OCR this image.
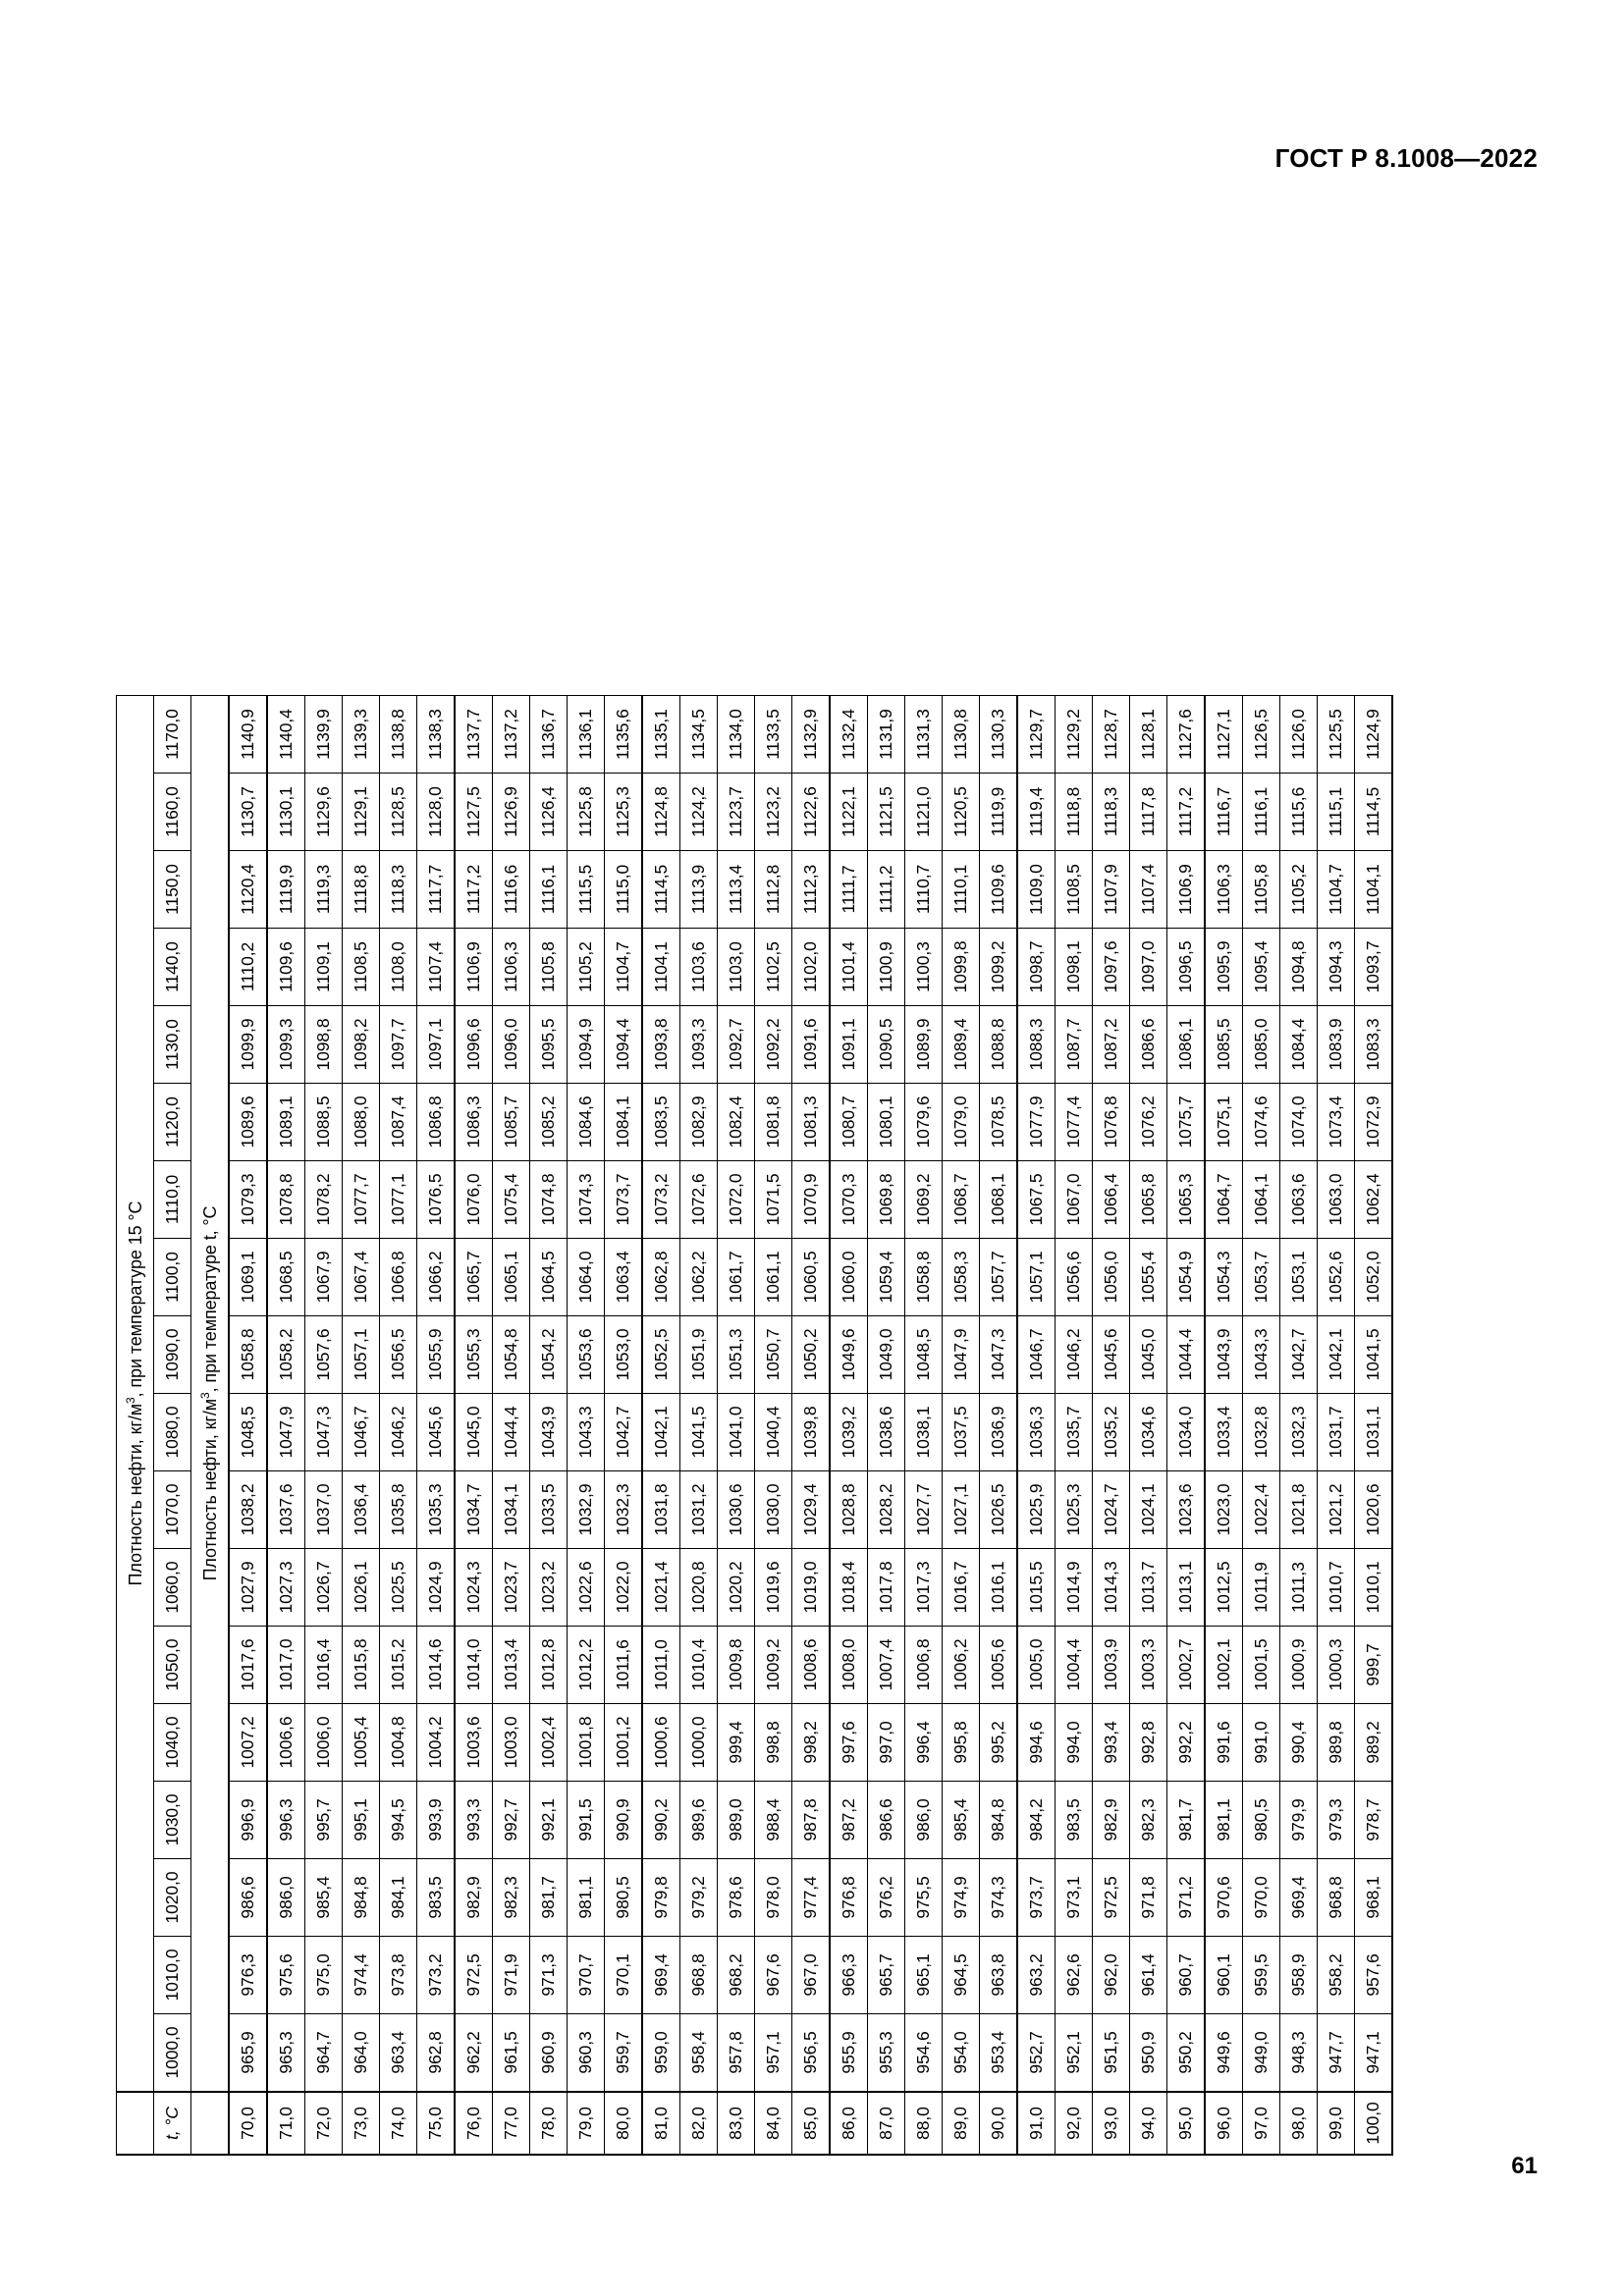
ГОСТ Р 8.1008—2022
	Плотность нефти, $кг/м^3$, при температуре 15 °С																	
t, °С	1000,0	1010,0	1020,0	1030,0	1040,0	1050,0	1060,0	1070,0	1080,0	1090,0	1100,0	1110,0	1120,0	1130,0	1140,0	1150,0	1160,0	1170,0
	Плотность нефти, $кг/м^3$, при температуре t, °С																	
70,0	965,9	976,3	986,6	996,9	1007,2	1017,6	1027,9	1038,2	1048,5	1058,8	1069,1	1079,3	1089,6	1099,9	1110,2	1120,4	1130,7	1140,9
71,0	965,3	975,6	986,0	996,3	1006,6	1017,0	1027,3	1037,6	1047,9	1058,2	1068,5	1078,8	1089,1	1099,3	1109,6	1119,9	1130,1	1140,4
72,0	964,7	975,0	985,4	995,7	1006,0	1016,4	1026,7	1037,0	1047,3	1057,6	1067,9	1078,2	1088,5	1098,8	1109,1	1119,3	1129,6	1139,9
73,0	964,0	974,4	984,8	995,1	1005,4	1015,8	1026,1	1036,4	1046,7	1057,1	1067,4	1077,7	1088,0	1098,2	1108,5	1118,8	1129,1	1139,3
74,0	963,4	973,8	984,1	994,5	1004,8	1015,2	1025,5	1035,8	1046,2	1056,5	1066,8	1077,1	1087,4	1097,7	1108,0	1118,3	1128,5	1138,8
75,0	962,8	973,2	983,5	993,9	1004,2	1014,6	1024,9	1035,3	1045,6	1055,9	1066,2	1076,5	1086,8	1097,1	1107,4	1117,7	1128,0	1138,3
76,0	962,2	972,5	982,9	993,3	1003,6	1014,0	1024,3	1034,7	1045,0	1055,3	1065,7	1076,0	1086,3	1096,6	1106,9	1117,2	1127,5	1137,7
77,0	961,5	971,9	982,3	992,7	1003,0	1013,4	1023,7	1034,1	1044,4	1054,8	1065,1	1075,4	1085,7	1096,0	1106,3	1116,6	1126,9	1137,2
78,0	960,9	971,3	981,7	992,1	1002,4	1012,8	1023,2	1033,5	1043,9	1054,2	1064,5	1074,8	1085,2	1095,5	1105,8	1116,1	1126,4	1136,7
79,0	960,3	970,7	981,1	991,5	1001,8	1012,2	1022,6	1032,9	1043,3	1053,6	1064,0	1074,3	1084,6	1094,9	1105,2	1115,5	1125,8	1136,1
80,0	959,7	970,1	980,5	990,9	1001,2	1011,6	1022,0	1032,3	1042,7	1053,0	1063,4	1073,7	1084,1	1094,4	1104,7	1115,0	1125,3	1135,6
81,0	959,0	969,4	979,8	990,2	1000,6	1011,0	1021,4	1031,8	1042,1	1052,5	1062,8	1073,2	1083,5	1093,8	1104,1	1114,5	1124,8	1135,1
82,0	958,4	968,8	979,2	989,6	1000,0	1010,4	1020,8	1031,2	1041,5	1051,9	1062,2	1072,6	1082,9	1093,3	1103,6	1113,9	1124,2	1134,5
83,0	957,8	968,2	978,6	989,0	999,4	1009,8	1020,2	1030,6	1041,0	1051,3	1061,7	1072,0	1082,4	1092,7	1103,0	1113,4	1123,7	1134,0
84,0	957,1	967,6	978,0	988,4	998,8	1009,2	1019,6	1030,0	1040,4	1050,7	1061,1	1071,5	1081,8	1092,2	1102,5	1112,8	1123,2	1133,5
85,0	956,5	967,0	977,4	987,8	998,2	1008,6	1019,0	1029,4	1039,8	1050,2	1060,5	1070,9	1081,3	1091,6	1102,0	1112,3	1122,6	1132,9
86,0	955,9	966,3	976,8	987,2	997,6	1008,0	1018,4	1028,8	1039,2	1049,6	1060,0	1070,3	1080,7	1091,1	1101,4	1111,7	1122,1	1132,4
87,0	955,3	965,7	976,2	986,6	997,0	1007,4	1017,8	1028,2	1038,6	1049,0	1059,4	1069,8	1080,1	1090,5	1100,9	1111,2	1121,5	1131,9
88,0	954,6	965,1	975,5	986,0	996,4	1006,8	1017,3	1027,7	1038,1	1048,5	1058,8	1069,2	1079,6	1089,9	1100,3	1110,7	1121,0	1131,3
89,0	954,0	964,5	974,9	985,4	995,8	1006,2	1016,7	1027,1	1037,5	1047,9	1058,3	1068,7	1079,0	1089,4	1099,8	1110,1	1120,5	1130,8
90,0	953,4	963,8	974,3	984,8	995,2	1005,6	1016,1	1026,5	1036,9	1047,3	1057,7	1068,1	1078,5	1088,8	1099,2	1109,6	1119,9	1130,3
91,0	952,7	963,2	973,7	984,2	994,6	1005,0	1015,5	1025,9	1036,3	1046,7	1057,1	1067,5	1077,9	1088,3	1098,7	1109,0	1119,4	1129,7
92,0	952,1	962,6	973,1	983,5	994,0	1004,4	1014,9	1025,3	1035,7	1046,2	1056,6	1067,0	1077,4	1087,7	1098,1	1108,5	1118,8	1129,2
93,0	951,5	962,0	972,5	982,9	993,4	1003,9	1014,3	1024,7	1035,2	1045,6	1056,0	1066,4	1076,8	1087,2	1097,6	1107,9	1118,3	1128,7
94,0	950,9	961,4	971,8	982,3	992,8	1003,3	1013,7	1024,1	1034,6	1045,0	1055,4	1065,8	1076,2	1086,6	1097,0	1107,4	1117,8	1128,1
95,0	950,2	960,7	971,2	981,7	992,2	1002,7	1013,1	1023,6	1034,0	1044,4	1054,9	1065,3	1075,7	1086,1	1096,5	1106,9	1117,2	1127,6
96,0	949,6	960,1	970,6	981,1	991,6	1002,1	1012,5	1023,0	1033,4	1043,9	1054,3	1064,7	1075,1	1085,5	1095,9	1106,3	1116,7	1127,1
97,0	949,0	959,5	970,0	980,5	991,0	1001,5	1011,9	1022,4	1032,8	1043,3	1053,7	1064,1	1074,6	1085,0	1095,4	1105,8	1116,1	1126,5
98,0	948,3	958,9	969,4	979,9	990,4	1000,9	1011,3	1021,8	1032,3	1042,7	1053,1	1063,6	1074,0	1084,4	1094,8	1105,2	1115,6	1126,0
99,0	947,7	958,2	968,8	979,3	989,8	1000,3	1010,7	1021,2	1031,7	1042,1	1052,6	1063,0	1073,4	1083,9	1094,3	1104,7	1115,1	1125,5
100,0	947,1	957,6	968,1	978,7	989,2	999,7	1010,1	1020,6	1031,1	1041,5	1052,0	1062,4	1072,9	1083,3	1093,7	1104,1	1114,5	1124,9
61
